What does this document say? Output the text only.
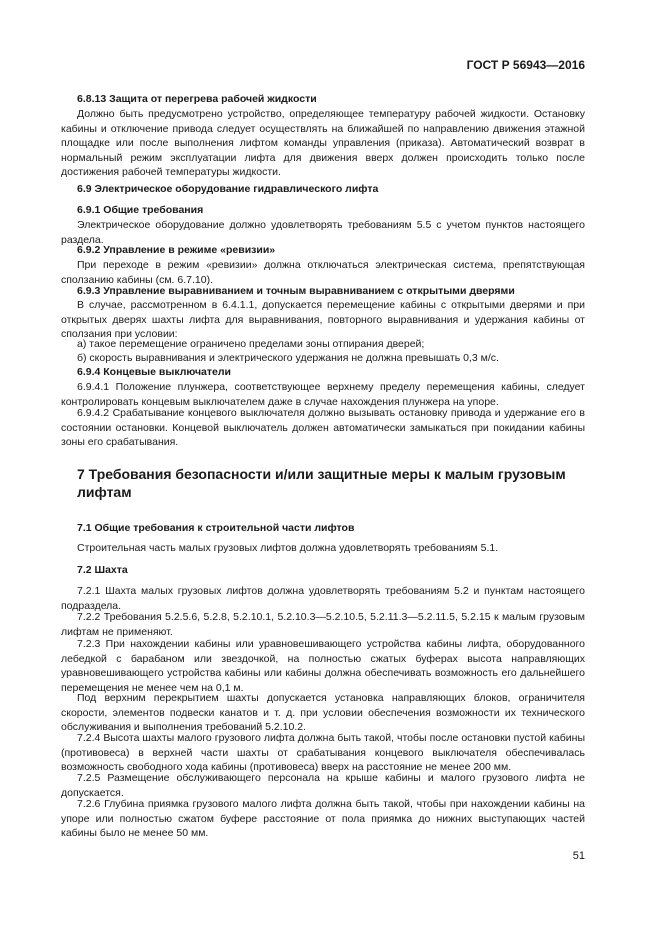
ГОСТ Р 56943—2016
6.8.13 Защита от перегрева рабочей жидкости
Должно быть предусмотрено устройство, определяющее температуру рабочей жидкости. Остановку кабины и отключение привода следует осуществлять на ближайшей по направлению движения этажной площадке или после выполнения лифтом команды управления (приказа). Автоматический возврат в нормальный режим эксплуатации лифта для движения вверх должен происходить только после достижения рабочей температуры жидкости.
6.9 Электрическое оборудование гидравлического лифта
6.9.1 Общие требования
Электрическое оборудование должно удовлетворять требованиям 5.5 с учетом пунктов настоящего раздела.
6.9.2 Управление в режиме «ревизии»
При переходе в режим «ревизии» должна отключаться электрическая система, препятствующая сползанию кабины (см. 6.7.10).
6.9.3 Управление выравниванием и точным выравниванием с открытыми дверями
В случае, рассмотренном в 6.4.1.1, допускается перемещение кабины с открытыми дверями и при открытых дверях шахты лифта для выравнивания, повторного выравнивания и удержания кабины от сползания при условии:
а) такое перемещение ограничено пределами зоны отпирания дверей;
б) скорость выравнивания и электрического удержания не должна превышать 0,3 м/с.
6.9.4 Концевые выключатели
6.9.4.1 Положение плунжера, соответствующее верхнему пределу перемещения кабины, следует контролировать концевым выключателем даже в случае нахождения плунжера на упоре.
6.9.4.2 Срабатывание концевого выключателя должно вызывать остановку привода и удержание его в состоянии остановки. Концевой выключатель должен автоматически замыкаться при покидании кабины зоны его срабатывания.
7 Требования безопасности и/или защитные меры к малым грузовым лифтам
7.1 Общие требования к строительной части лифтов
Строительная часть малых грузовых лифтов должна удовлетворять требованиям 5.1.
7.2 Шахта
7.2.1 Шахта малых грузовых лифтов должна удовлетворять требованиям 5.2 и пунктам настоящего подраздела.
7.2.2 Требования 5.2.5.6, 5.2.8, 5.2.10.1, 5.2.10.3—5.2.10.5, 5.2.11.3—5.2.11.5, 5.2.15 к малым грузовым лифтам не применяют.
7.2.3 При нахождении кабины или уравновешивающего устройства кабины лифта, оборудованного лебедкой с барабаном или звездочкой, на полностью сжатых буферах высота направляющих уравновешивающего устройства кабины или кабины должна обеспечивать возможность его дальнейшего перемещения не менее чем на 0,1 м.
Под верхним перекрытием шахты допускается установка направляющих блоков, ограничителя скорости, элементов подвески канатов и т. д. при условии обеспечения возможности их технического обслуживания и выполнения требований 5.2.10.2.
7.2.4 Высота шахты малого грузового лифта должна быть такой, чтобы после остановки пустой кабины (противовеса) в верхней части шахты от срабатывания концевого выключателя обеспечивалась возможность свободного хода кабины (противовеса) вверх на расстояние не менее 200 мм.
7.2.5 Размещение обслуживающего персонала на крыше кабины и малого грузового лифта не допускается.
7.2.6 Глубина приямка грузового малого лифта должна быть такой, чтобы при нахождении кабины на упоре или полностью сжатом буфере расстояние от пола приямка до нижних выступающих частей кабины было не менее 50 мм.
51
